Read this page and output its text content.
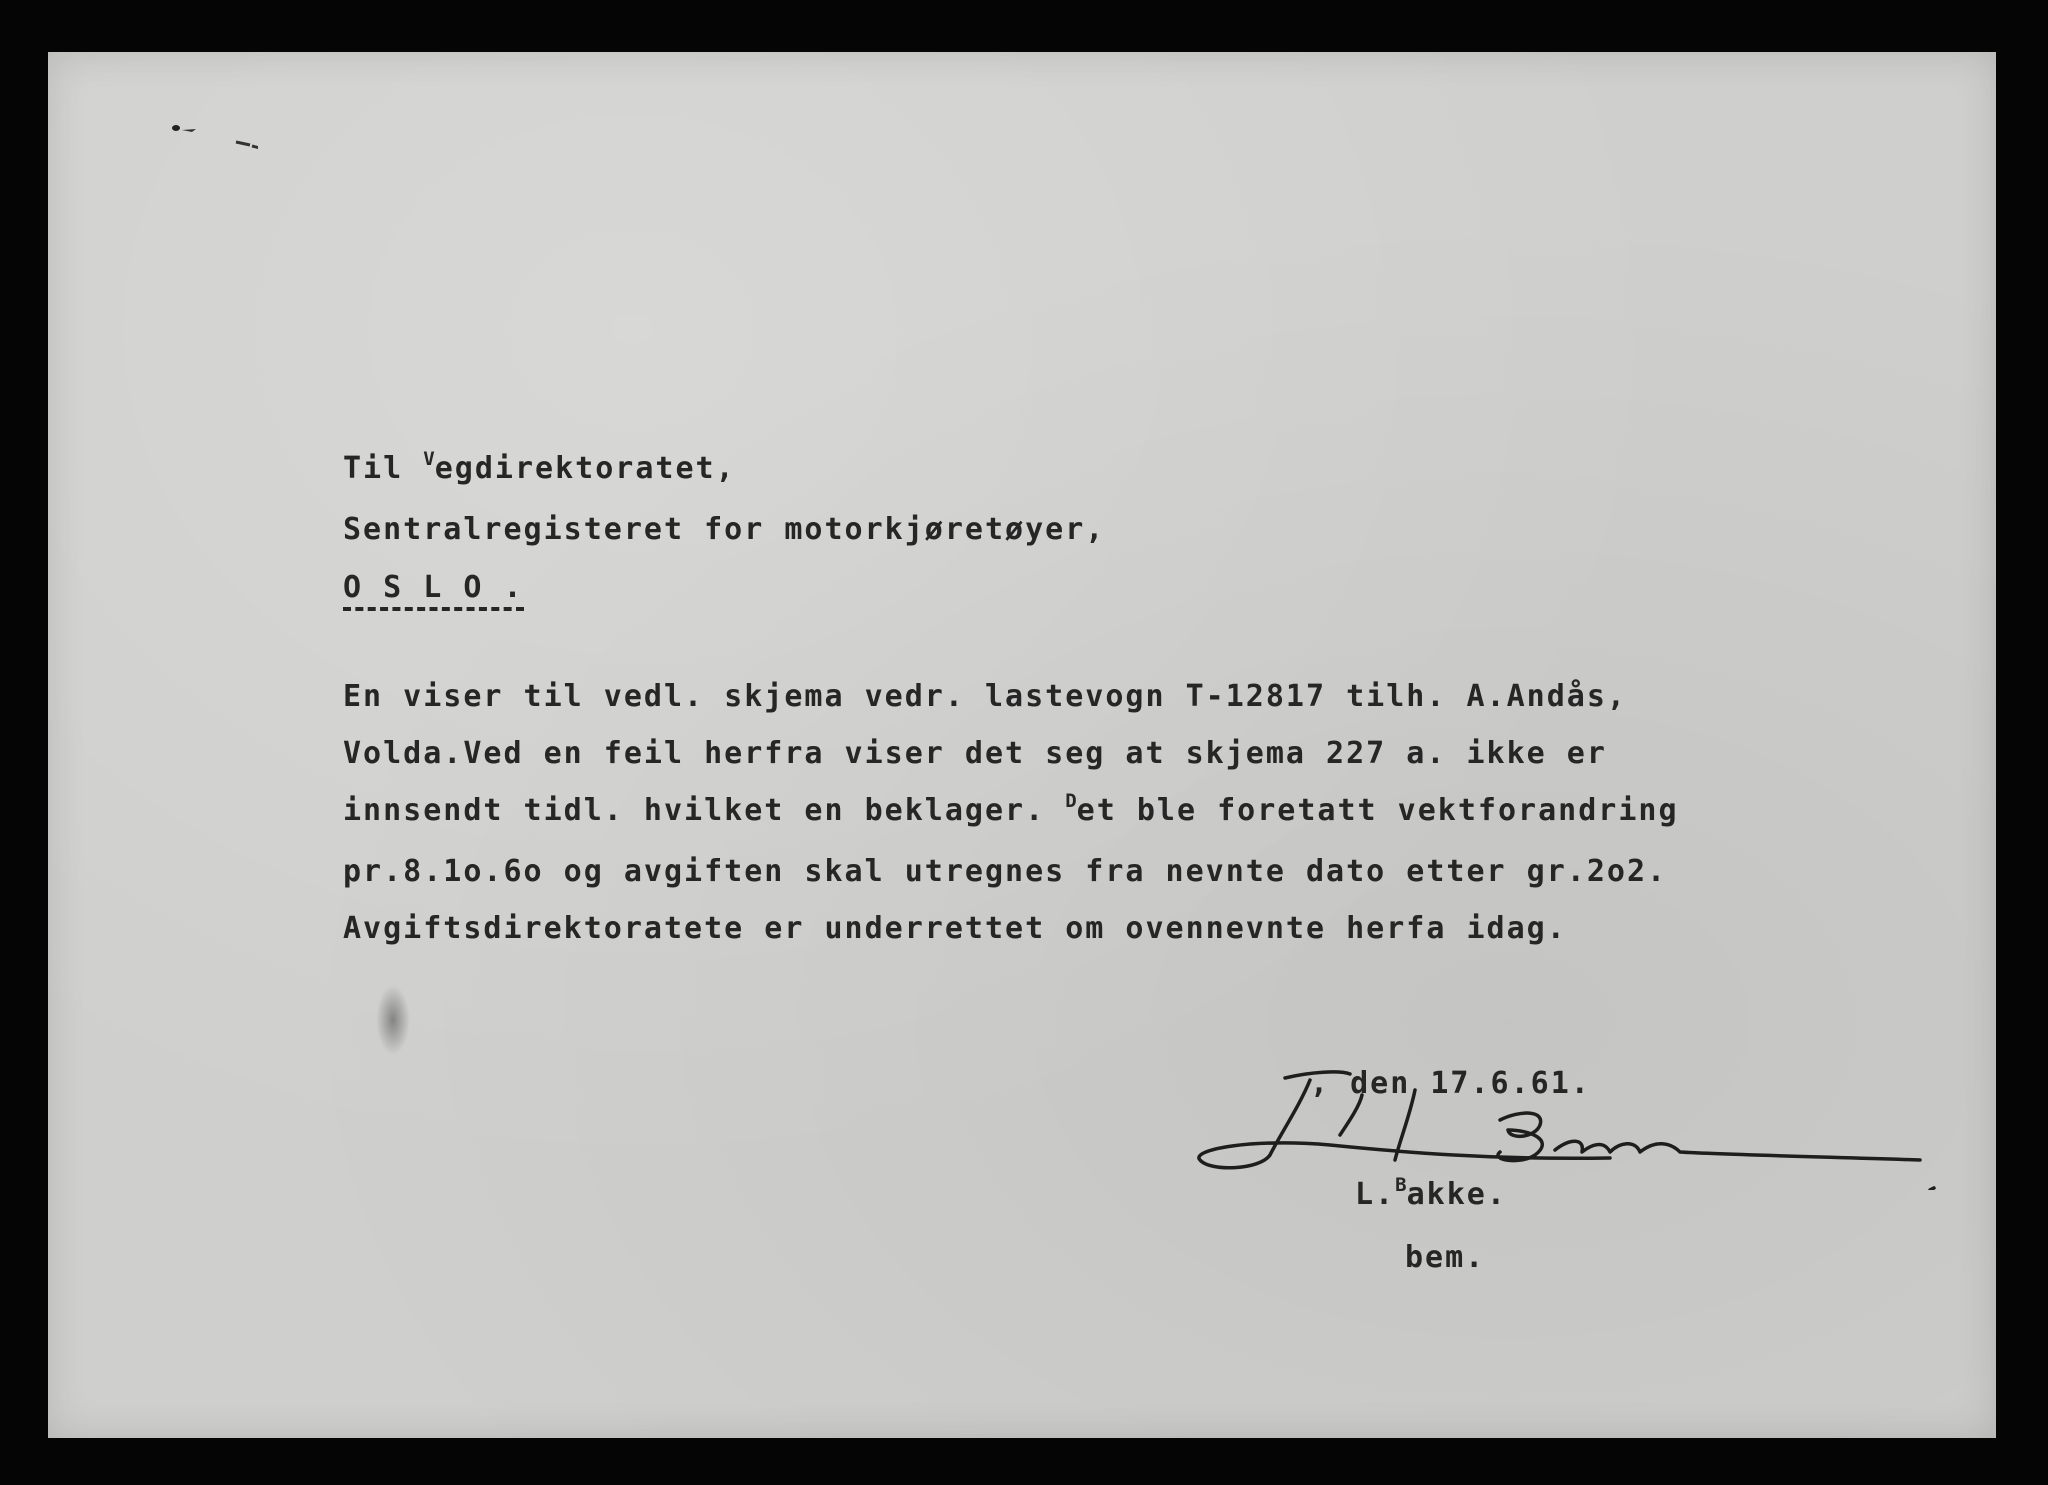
Til $^V$egdirektoratet,
Sentralregisteret for motorkjøretøyer,
O S L O .
En viser til vedl. skjema vedr. lastevogn T-12817 tilh. A.Andås,
Volda.Ved en feil herfra viser det seg at skjema 227 a. ikke er
innsendt tidl. hvilket en beklager. $^D$et ble foretatt vektforandring
pr.8.1o.6o og avgiften skal utregnes fra nevnte dato etter gr.2o2.
Avgiftsdirektoratete er underrettet om ovennevnte herfa idag.
, den 17.6.61.
L.$^B$akke.
bem.
